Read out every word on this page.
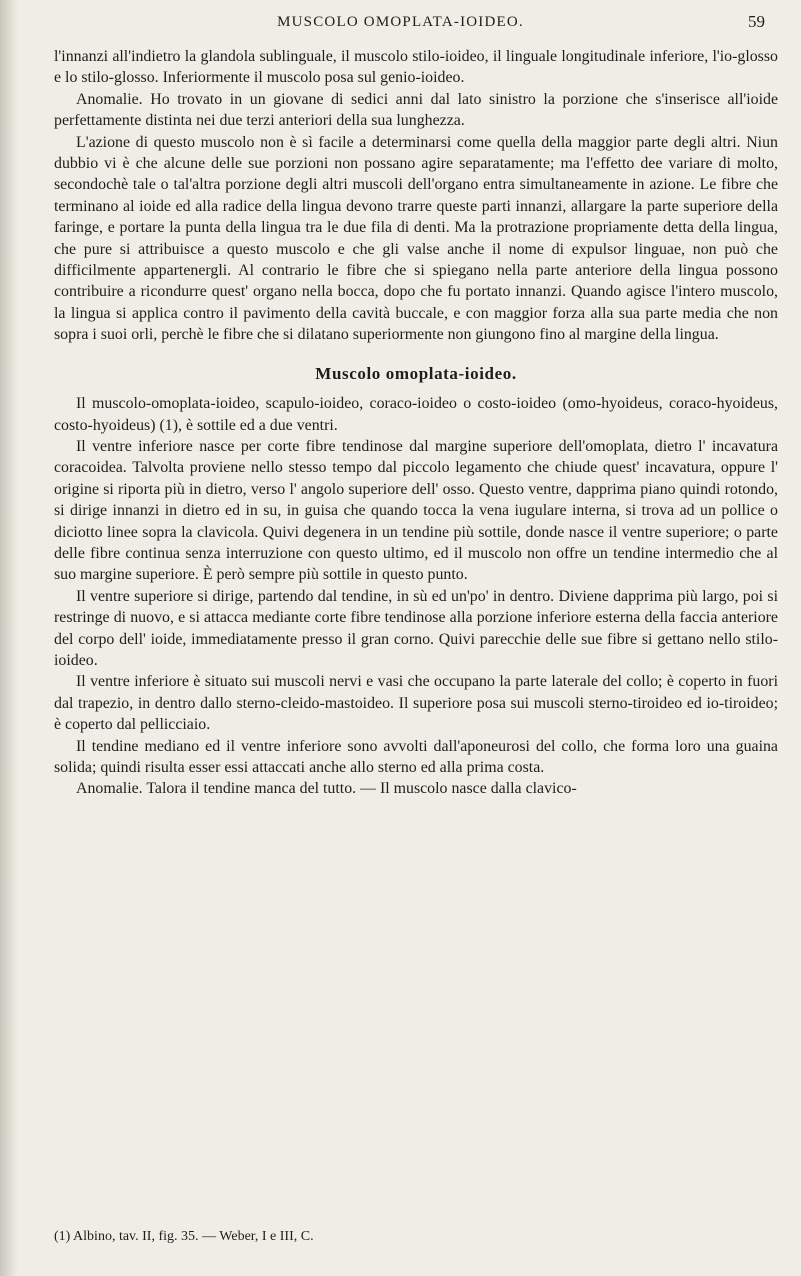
MUSCOLO OMOPLATA-IOIDEO.	59

l'innanzi all'indietro la glandola sublinguale, il muscolo stilo-ioideo, il linguale longitudinale inferiore, l'io-glosso e lo stilo-glosso. Inferiormente il muscolo posa sul genio-ioideo.

Anomalie. Ho trovato in un giovane di sedici anni dal lato sinistro la porzione che s'inserisce all'ioide perfettamente distinta nei due terzi anteriori della sua lunghezza.

L'azione di questo muscolo non è sì facile a determinarsi come quella della maggior parte degli altri. Niun dubbio vi è che alcune delle sue porzioni non possano agire separatamente; ma l'effetto dee variare di molto, secondochè tale o tal'altra porzione degli altri muscoli dell'organo entra simultaneamente in azione. Le fibre che terminano al ioide ed alla radice della lingua devono trarre queste parti innanzi, allargare la parte superiore della faringe, e portare la punta della lingua tra le due fila di denti. Ma la protrazione propriamente detta della lingua, che pure si attribuisce a questo muscolo e che gli valse anche il nome di expulsor linguae, non può che difficilmente appartenergli. Al contrario le fibre che si spiegano nella parte anteriore della lingua possono contribuire a ricondurre quest' organo nella bocca, dopo che fu portato innanzi. Quando agisce l'intero muscolo, la lingua si applica contro il pavimento della cavità buccale, e con maggior forza alla sua parte media che non sopra i suoi orli, perchè le fibre che si dilatano superiormente non giungono fino al margine della lingua.

Muscolo omoplata-ioideo.

Il muscolo-omoplata-ioideo, scapulo-ioideo, coraco-ioideo o costo-ioideo (omo-hyoideus, coraco-hyoideus, costo-hyoideus) (1), è sottile ed a due ventri.

Il ventre inferiore nasce per corte fibre tendinose dal margine superiore dell'omoplata, dietro l' incavatura coracoidea. Talvolta proviene nello stesso tempo dal piccolo legamento che chiude quest' incavatura, oppure l' origine si riporta più in dietro, verso l' angolo superiore dell' osso. Questo ventre, dapprima piano quindi rotondo, si dirige innanzi in dietro ed in su, in guisa che quando tocca la vena iugulare interna, si trova ad un pollice o diciotto linee sopra la clavicola. Quivi degenera in un tendine più sottile, donde nasce il ventre superiore; o parte delle fibre continua senza interruzione con questo ultimo, ed il muscolo non offre un tendine intermedio che al suo margine superiore. È però sempre più sottile in questo punto.

Il ventre superiore si dirige, partendo dal tendine, in sù ed un'po' in dentro. Diviene dapprima più largo, poi si restringe di nuovo, e si attacca mediante corte fibre tendinose alla porzione inferiore esterna della faccia anteriore del corpo dell' ioide, immediatamente presso il gran corno. Quivi parecchie delle sue fibre si gettano nello stilo-ioideo.

Il ventre inferiore è situato sui muscoli nervi e vasi che occupano la parte laterale del collo; è coperto in fuori dal trapezio, in dentro dallo sterno-cleido-mastoideo. Il superiore posa sui muscoli sterno-tiroideo ed io-tiroideo; è coperto dal pellicciaio.

Il tendine mediano ed il ventre inferiore sono avvolti dall'aponeurosi del collo, che forma loro una guaina solida; quindi risulta esser essi attaccati anche allo sterno ed alla prima costa.

Anomalie. Talora il tendine manca del tutto. — Il muscolo nasce dalla clavico-

(1) Albino, tav. II, fig. 35. — Weber, I e III, C.
